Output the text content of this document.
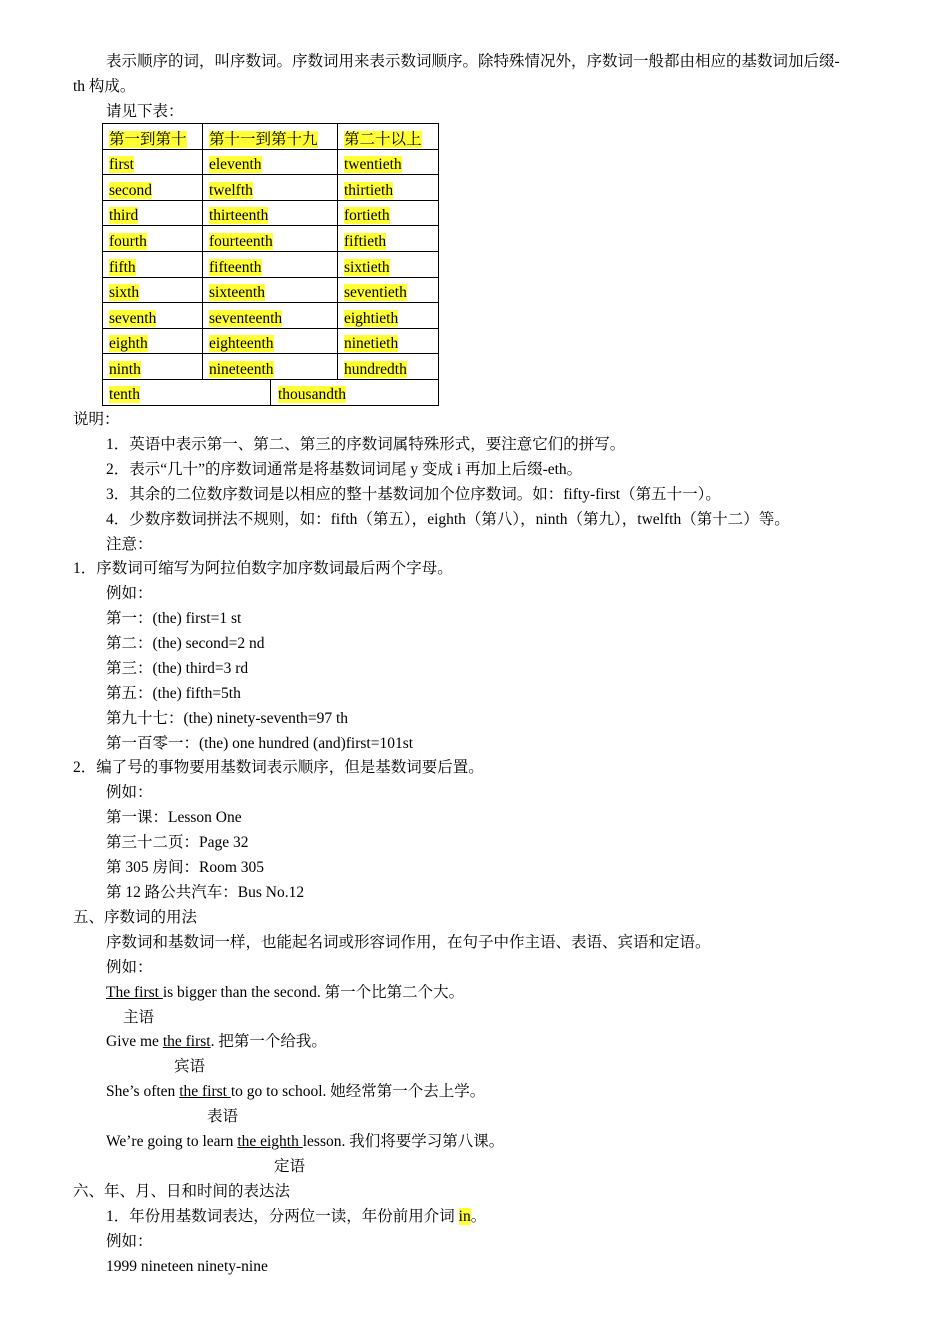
表示顺序的词，叫序数词。序数词用来表示数词顺序。除特殊情况外，序数词一般都由相应的基数词加后缀-
th 构成。
请见下表：
第一到第十	第十一到第十九	第二十以上
first	eleventh	twentieth
second	twelfth	thirtieth
third	thirteenth	fortieth
fourth	fourteenth	fiftieth
fifth	fifteenth	sixtieth
sixth	sixteenth	seventieth
seventh	seventeenth	eightieth
eighth	eighteenth	ninetieth
ninth	nineteenth	hundredth

tenth thousandth		
说明：
1．英语中表示第一、第二、第三的序数词属特殊形式，要注意它们的拼写。
2．表示“几十”的序数词通常是将基数词词尾 y 变成 i 再加上后缀-eth。
3．其余的二位数序数词是以相应的整十基数词加个位序数词。如：fifty-first（第五十一）。
4．少数序数词拼法不规则，如：fifth（第五），eighth（第八），ninth（第九），twelfth（第十二）等。
注意：
1．序数词可缩写为阿拉伯数字加序数词最后两个字母。
例如：
第一：(the) first=1 st
第二：(the) second=2 nd
第三：(the) third=3 rd
第五：(the) fifth=5th
第九十七：(the) ninety-seventh=97 th
第一百零一：(the) one hundred (and)first=101st
2．编了号的事物要用基数词表示顺序，但是基数词要后置。
例如：
第一课：Lesson One
第三十二页：Page 32
第 305 房间：Room 305
第 12 路公共汽车：Bus No.12
五、序数词的用法
序数词和基数词一样，也能起名词或形容词作用，在句子中作主语、表语、宾语和定语。
例如：
The first is bigger than the second. 第一个比第二个大。
主语
Give me the first. 把第一个给我。
宾语
She’s often the first to go to school. 她经常第一个去上学。
表语
We’re going to learn the eighth lesson. 我们将要学习第八课。
定语
六、年、月、日和时间的表达法
1．年份用基数词表达，分两位一读，年份前用介词 in。
例如：
1999 nineteen ninety-nine
